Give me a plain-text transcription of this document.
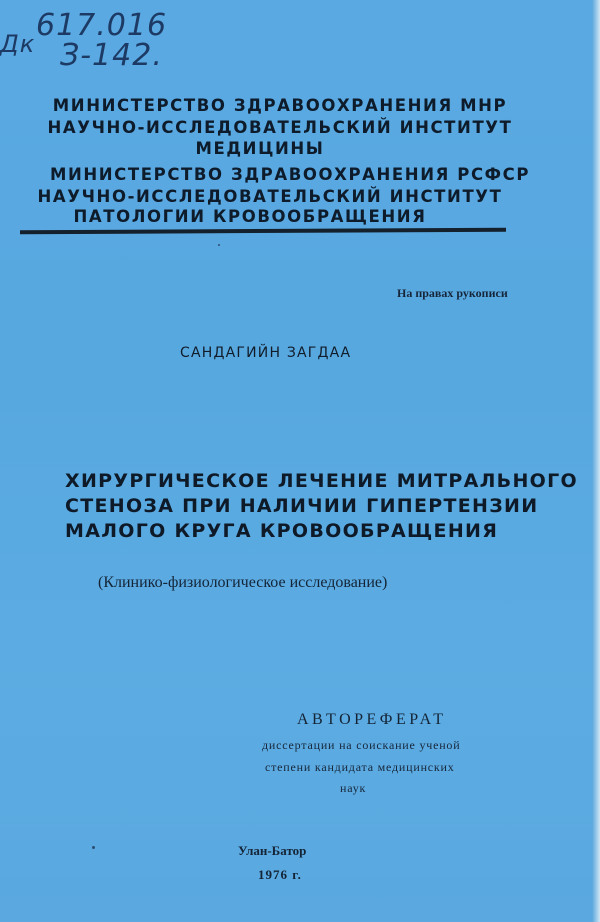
Дк
617.016
З-142.
МИНИСТЕРСТВО ЗДРАВООХРАНЕНИЯ МНР
НАУЧНО-ИССЛЕДОВАТЕЛЬСКИЙ ИНСТИТУТ
МЕДИЦИНЫ
МИНИСТЕРСТВО ЗДРАВООХРАНЕНИЯ РСФСР
НАУЧНО-ИССЛЕДОВАТЕЛЬСКИЙ ИНСТИТУТ
ПАТОЛОГИИ КРОВООБРАЩЕНИЯ
На правах рукописи
САНДАГИЙН ЗАГДАА
ХИРУРГИЧЕСКОЕ ЛЕЧЕНИЕ МИТРАЛЬНОГО
СТЕНОЗА ПРИ НАЛИЧИИ ГИПЕРТЕНЗИИ
МАЛОГО КРУГА КРОВООБРАЩЕНИЯ
(Клинико-физиологическое исследование)
АВТОРЕФЕРАТ
диссертации на соискание ученой
степени кандидата медицинских
наук
Улан-Батор
1976 г.
